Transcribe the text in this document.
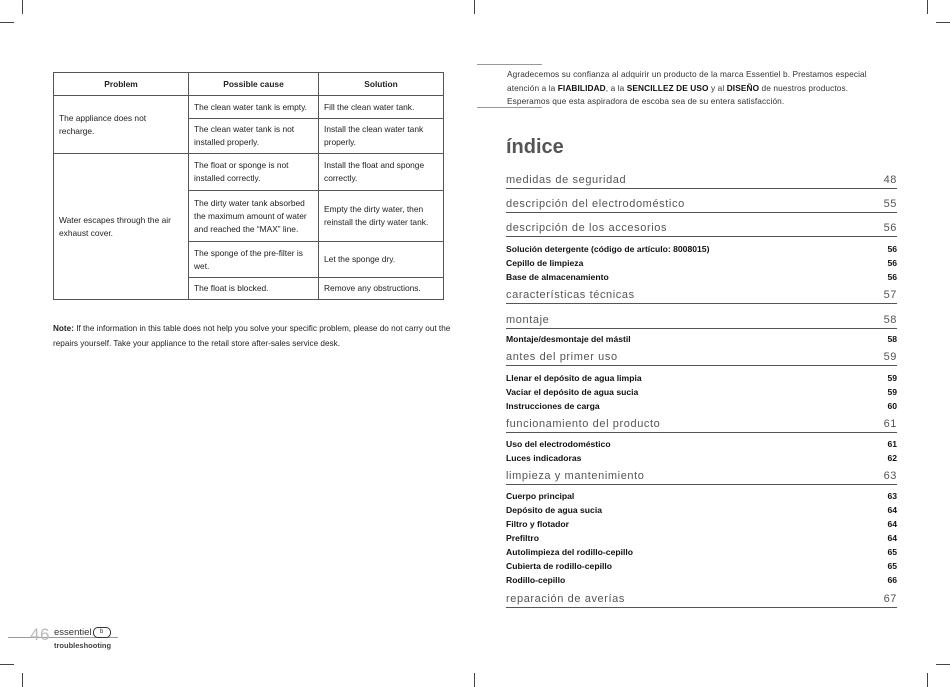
Problem	Possible cause	Solution
The appliance does not recharge.	The clean water tank is empty.	Fill the clean water tank.
	The clean water tank is not installed properly.	Install the clean water tank properly.
Water escapes through the air exhaust cover.	The float or sponge is not installed correctly.	Install the float and sponge correctly.
	The dirty water tank absorbed the maximum amount of water and reached the “MAX” line.	Empty the dirty water, then reinstall the dirty water tank.
	The sponge of the pre-filter is wet.	Let the sponge dry.
	The float is blocked.	Remove any obstructions.
Note: If the information in this table does not help you solve your specific problem, please do not carry out the repairs yourself. Take your appliance to the retail store after-sales service desk.
46 essentiel b
troubleshooting
Agradecemos su confianza al adquirir un producto de la marca Essentiel b. Prestamos especial atención a la FIABILIDAD, a la SENCILLEZ DE USO y al DISEÑO de nuestros productos.
Esperamos que esta aspiradora de escoba sea de su entera satisfacción.
índice
medidas de seguridad	48
descripción del electrodoméstico	55
descripción de los accesorios	56
Solución detergente (código de artículo: 8008015)	56
Cepillo de limpieza	56
Base de almacenamiento	56
características técnicas	57
montaje	58
Montaje/desmontaje del mástil	58
antes del primer uso	59
Llenar el depósito de agua limpia	59
Vaciar el depósito de agua sucia	59
Instrucciones de carga	60
funcionamiento del producto	61
Uso del electrodoméstico	61
Luces indicadoras	62
limpieza y mantenimiento	63
Cuerpo principal	63
Depósito de agua sucia	64
Filtro y flotador	64
Prefiltro	64
Autolimpieza del rodillo-cepillo	65
Cubierta de rodillo-cepillo	65
Rodillo-cepillo	66
reparación de averías	67
